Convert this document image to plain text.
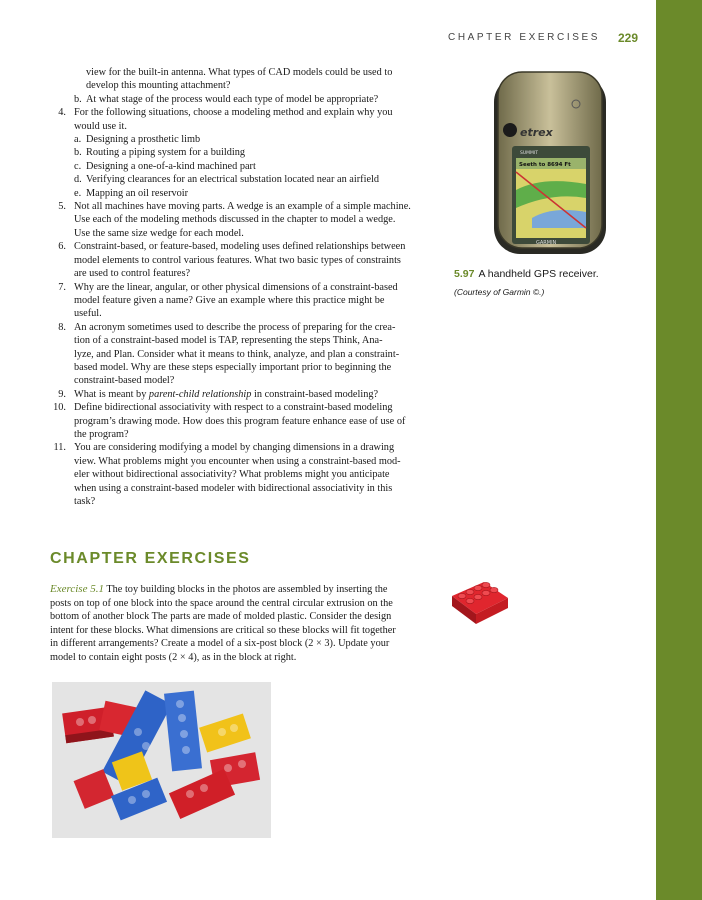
CHAPTER EXERCISES 229
view for the built-in antenna. What types of CAD models could be used to
develop this mounting attachment?
b. At what stage of the process would each type of model be appropriate?
4. For the following situations, choose a modeling method and explain why you
would use it.
a. Designing a prosthetic limb
b. Routing a piping system for a building
c. Designing a one-of-a-kind machined part
d. Verifying clearances for an electrical substation located near an airfield
e. Mapping an oil reservoir
5. Not all machines have moving parts. A wedge is an example of a simple machine.
Use each of the modeling methods discussed in the chapter to model a wedge.
Use the same size wedge for each model.
6. Constraint-based, or feature-based, modeling uses defined relationships between
model elements to control various features. What two basic types of constraints
are used to control features?
7. Why are the linear, angular, or other physical dimensions of a constraint-based
model feature given a name? Give an example where this practice might be
useful.
8. An acronym sometimes used to describe the process of preparing for the crea-
tion of a constraint-based model is TAP, representing the steps Think, Ana-
lyze, and Plan. Consider what it means to think, analyze, and plan a constraint-
based model. Why are these steps especially important prior to beginning the
constraint-based model?
9. What is meant by parent-child relationship in constraint-based modeling?
10. Define bidirectional associativity with respect to a constraint-based modeling
program’s drawing mode. How does this program feature enhance ease of use of
the program?
11. You are considering modifying a model by changing dimensions in a drawing
view. What problems might you encounter when using a constraint-based mod-
eler without bidirectional associativity? What problems might you anticipate
when using a constraint-based modeler with bidirectional associativity in this
task?
etrex
SUMMIT
Seeth to 8694 Ft
GARMIN
5.97 A handheld GPS receiver.
(Courtesy of Garmin ©.)
CHAPTER EXERCISES
Exercise 5.1 The toy building blocks in the photos are assembled by inserting the
posts on top of one block into the space around the central circular extrusion on the
bottom of another block The parts are made of molded plastic. Consider the design
intent for these blocks. What dimensions are critical so these blocks will fit together
in different arrangements? Create a model of a six-post block (2 × 3). Update your
model to contain eight posts (2 × 4), as in the block at right.
